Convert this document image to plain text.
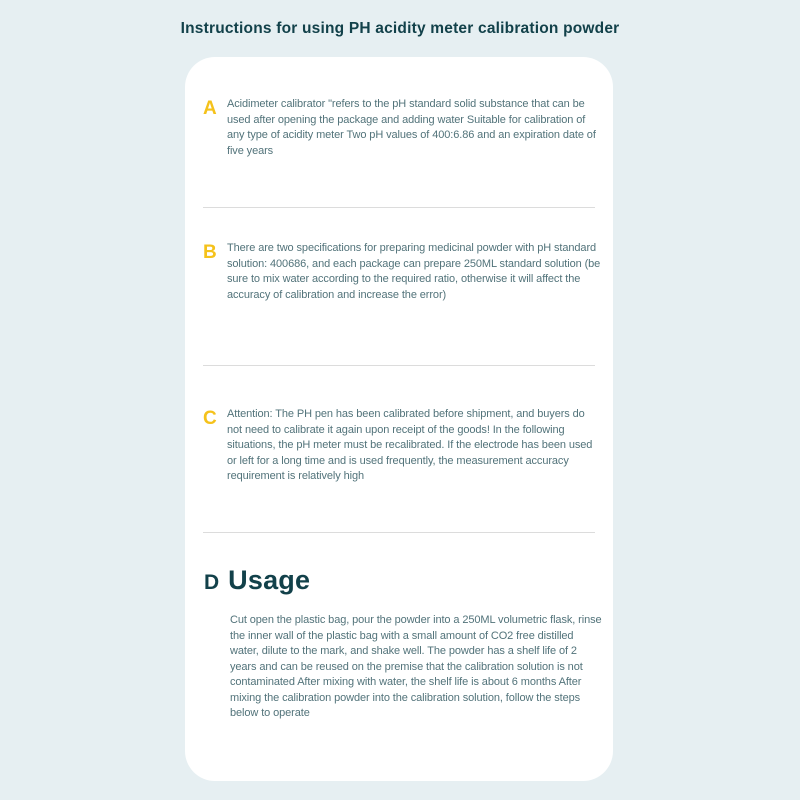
Instructions for using PH acidity meter calibration powder
A Acidimeter calibrator "refers to the pH standard solid substance that can be used after opening the package and adding water Suitable for calibration of any type of acidity meter Two pH values of 400:6.86 and an expiration date of five years

B There are two specifications for preparing medicinal powder with pH standard solution: 400686, and each package can prepare 250ML standard solution (be sure to mix water according to the required ratio, otherwise it will affect the accuracy of calibration and increase the error)

C Attention: The PH pen has been calibrated before shipment, and buyers do not need to calibrate it again upon receipt of the goods! In the following situations, the pH meter must be recalibrated. If the electrode has been used or left for a long time and is used frequently, the measurement accuracy requirement is relatively high

D Usage

Cut open the plastic bag, pour the powder into a 250ML volumetric flask, rinse the inner wall of the plastic bag with a small amount of CO2 free distilled water, dilute to the mark, and shake well. The powder has a shelf life of 2 years and can be reused on the premise that the calibration solution is not contaminated After mixing with water, the shelf life is about 6 months After mixing the calibration powder into the calibration solution, follow the steps below to operate
